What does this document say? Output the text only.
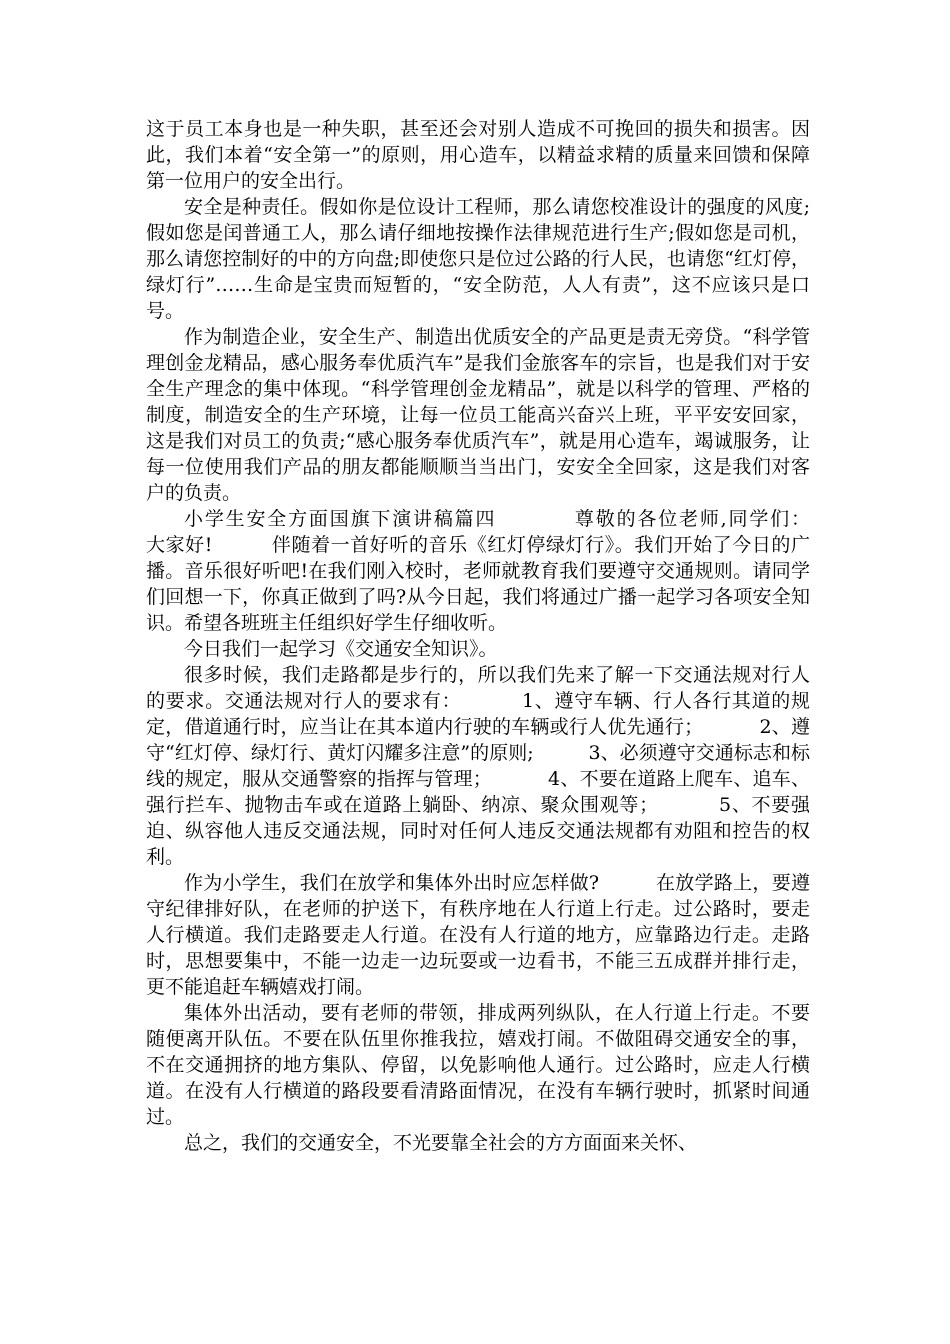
这于员工本身也是一种失职，甚至还会对别人造成不可挽回的损失和损害。因此，我们本着“安全第一”的原则，用心造车，以精益求精的质量来回馈和保障第一位用户的安全出行。

安全是种责任。假如你是位设计工程师，那么请您校准设计的强度的风度;假如您是闰普通工人，那么请仔细地按操作法律规范进行生产;假如您是司机，那么请您控制好的中的方向盘;即使您只是位过公路的行人民，也请您“红灯停，绿灯行”……生命是宝贵而短暂的，“安全防范，人人有责”，这不应该只是口号。

作为制造企业，安全生产、制造出优质安全的产品更是责无旁贷。“科学管理创金龙精品，感心服务奉优质汽车”是我们金旅客车的宗旨，也是我们对于安全生产理念的集中体现。“科学管理创金龙精品”，就是以科学的管理、严格的制度，制造安全的生产环境，让每一位员工能高兴奋兴上班，平平安安回家，这是我们对员工的负责;“感心服务奉优质汽车”，就是用心造车，竭诚服务，让每一位使用我们产品的朋友都能顺顺当当出门，安安全全回家，这是我们对客户的负责。

小学生安全方面国旗下演讲稿篇四          尊敬的各位老师,同学们：        大家好!         伴随着一首好听的音乐《红灯停绿灯行》。我们开始了今日的广播。音乐很好听吧!在我们刚入校时，老师就教育我们要遵守交通规则。请同学们回想一下，你真正做到了吗?从今日起，我们将通过广播一起学习各项安全知识。希望各班班主任组织好学生仔细收听。

今日我们一起学习《交通安全知识》。

很多时候，我们走路都是步行的，所以我们先来了解一下交通法规对行人的要求。交通法规对行人的要求有：         1、遵守车辆、行人各行其道的规定，借道通行时，应当让在其本道内行驶的车辆或行人优先通行；         2、遵守“红灯停、绿灯行、黄灯闪耀多注意”的原则;         3、必须遵守交通标志和标线的规定，服从交通警察的指挥与管理；         4、不要在道路上爬车、追车、强行拦车、抛物击车或在道路上躺卧、纳凉、聚众围观等；         5、不要强迫、纵容他人违反交通法规，同时对任何人违反交通法规都有劝阻和控告的权利。

作为小学生，我们在放学和集体外出时应怎样做?         在放学路上，要遵守纪律排好队，在老师的护送下，有秩序地在人行道上行走。过公路时，要走人行横道。我们走路要走人行道。在没有人行道的地方，应靠路边行走。走路时，思想要集中，不能一边走一边玩耍或一边看书，不能三五成群并排行走，更不能追赶车辆嬉戏打闹。

集体外出活动，要有老师的带领，排成两列纵队，在人行道上行走。不要随便离开队伍。不要在队伍里你推我拉，嬉戏打闹。不做阻碍交通安全的事，不在交通拥挤的地方集队、停留，以免影响他人通行。过公路时，应走人行横道。在没有人行横道的路段要看清路面情况，在没有车辆行驶时，抓紧时间通过。

总之，我们的交通安全，不光要靠全社会的方方面面来关怀、
